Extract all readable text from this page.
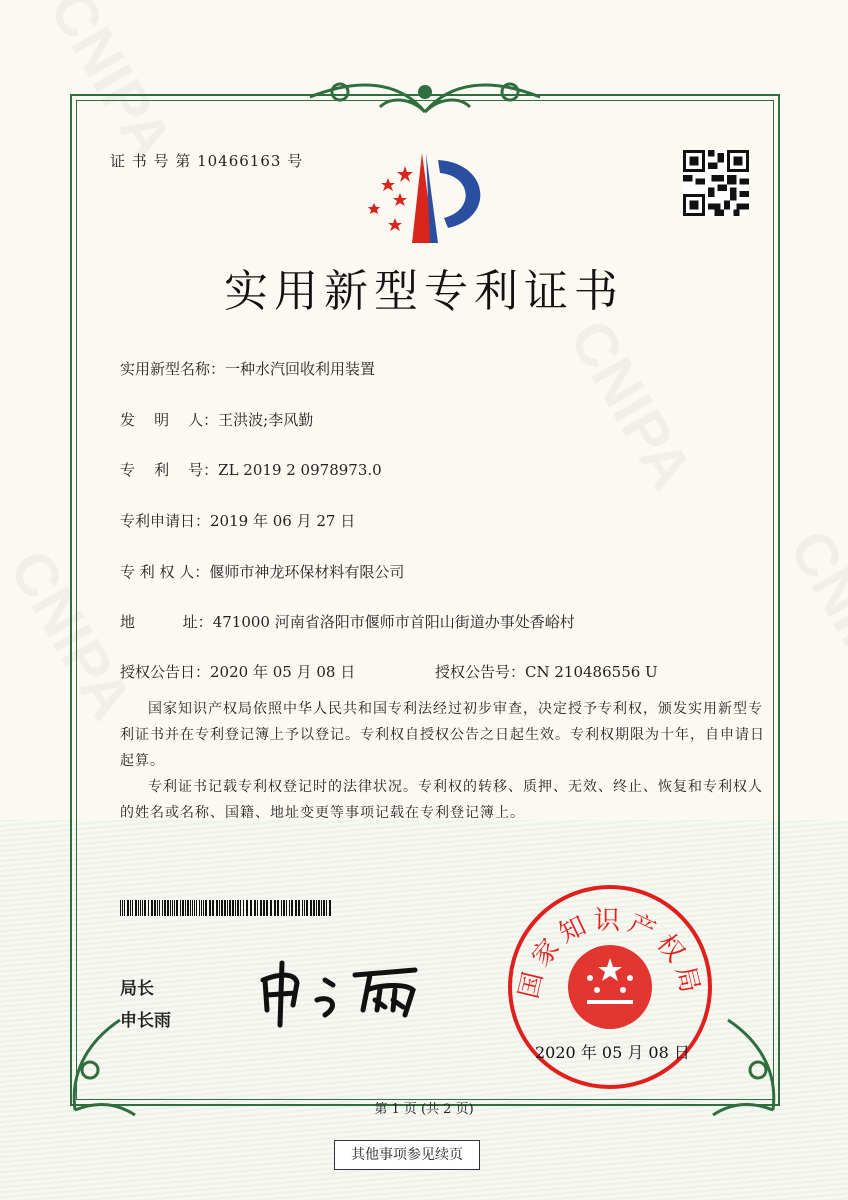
证 书 号 第 10466163 号
实用新型专利证书
实用新型名称：一种水汽回收利用装置
发    明    人：王洪波;李风勤
专    利    号：ZL 2019 2 0978973.0
专利申请日：2019 年 06 月 27 日
专 利 权 人：偃师市神龙环保材料有限公司
地          址：471000 河南省洛阳市偃师市首阳山街道办事处香峪村
授权公告日：2020 年 05 月 08 日	授权公告号：CN 210486556 U
国家知识产权局依照中华人民共和国专利法经过初步审查，决定授予专利权，颁发实用新型专利证书并在专利登记簿上予以登记。专利权自授权公告之日起生效。专利权期限为十年，自申请日起算。
专利证书记载专利权登记时的法律状况。专利权的转移、质押、无效、终止、恢复和专利权人的姓名或名称、国籍、地址变更等事项记载在专利登记簿上。
局长
申长雨
国家知识产权局
2020 年 05 月 08 日
第 1 页 (共 2 页)
其他事项参见续页
